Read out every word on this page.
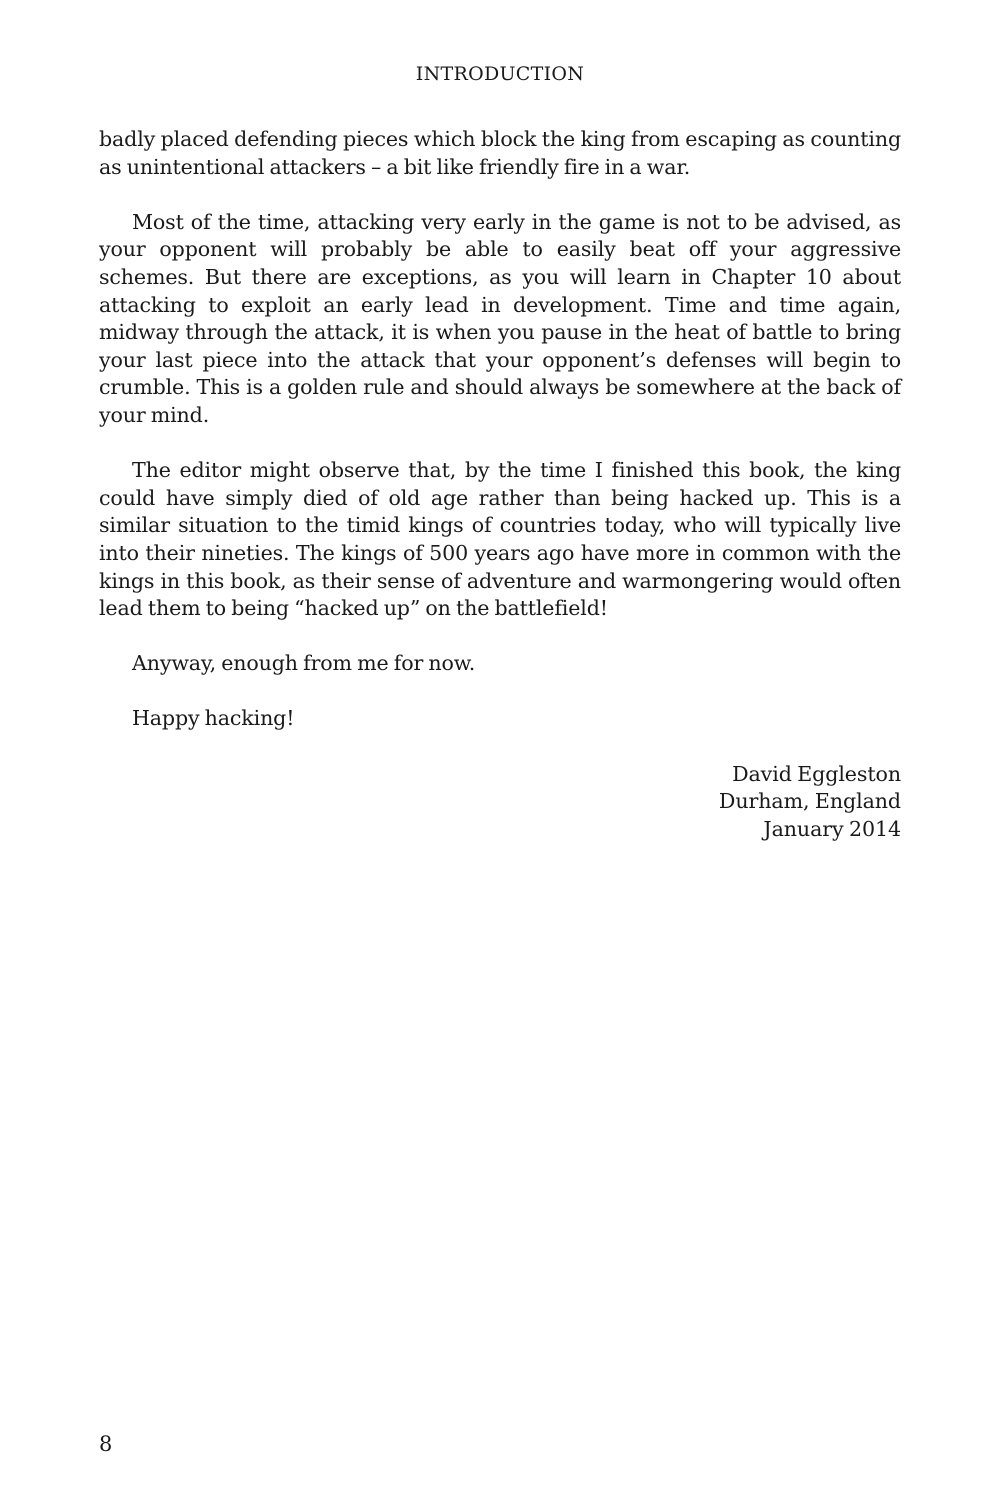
INTRODUCTION

badly placed defending pieces which block the king from escaping as counting as unintentional attackers – a bit like friendly fire in a war.

Most of the time, attacking very early in the game is not to be advised, as your opponent will probably be able to easily beat off your aggressive schemes. But there are exceptions, as you will learn in Chapter 10 about attacking to exploit an early lead in development. Time and time again, midway through the attack, it is when you pause in the heat of battle to bring your last piece into the attack that your opponent’s defenses will begin to crumble. This is a golden rule and should always be somewhere at the back of your mind.

The editor might observe that, by the time I finished this book, the king could have simply died of old age rather than being hacked up. This is a similar situation to the timid kings of countries today, who will typically live into their nineties. The kings of 500 years ago have more in common with the kings in this book, as their sense of adventure and warmongering would often lead them to being “hacked up” on the battlefield!

Anyway, enough from me for now.

Happy hacking!

David Eggleston
Durham, England
January 2014
8
